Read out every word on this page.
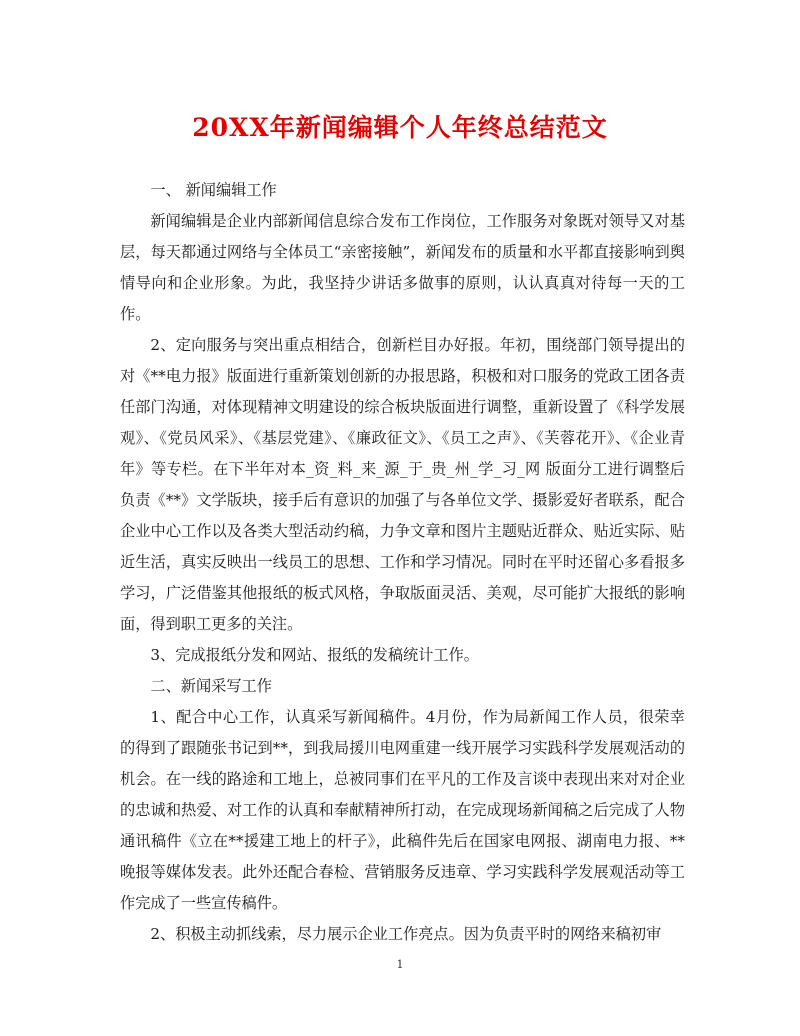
20XX年新闻编辑个人年终总结范文

一、 新闻编辑工作

新闻编辑是企业内部新闻信息综合发布工作岗位，工作服务对象既对领导又对基层，每天都通过网络与全体员工“亲密接触”，新闻发布的质量和水平都直接影响到舆情导向和企业形象。为此，我坚持少讲话多做事的原则，认认真真对待每一天的工作。

2、定向服务与突出重点相结合，创新栏目办好报。年初，围绕部门领导提出的对《**电力报》版面进行重新策划创新的办报思路，积极和对口服务的党政工团各责任部门沟通，对体现精神文明建设的综合板块版面进行调整，重新设置了《科学发展观》、《党员风采》、《基层党建》、《廉政征文》、《员工之声》、《芙蓉花开》、《企业青年》等专栏。在下半年对本_资_料_来_源_于_贵_州_学_习_网 版面分工进行调整后负责《**》文学版块，接手后有意识的加强了与各单位文学、摄影爱好者联系，配合企业中心工作以及各类大型活动约稿，力争文章和图片主题贴近群众、贴近实际、贴近生活，真实反映出一线员工的思想、工作和学习情况。同时在平时还留心多看报多学习，广泛借鉴其他报纸的板式风格，争取版面灵活、美观，尽可能扩大报纸的影响面，得到职工更多的关注。

3、完成报纸分发和网站、报纸的发稿统计工作。

二、新闻采写工作

1、配合中心工作，认真采写新闻稿件。4月份，作为局新闻工作人员，很荣幸的得到了跟随张书记到**，到我局援川电网重建一线开展学习实践科学发展观活动的机会。在一线的路途和工地上，总被同事们在平凡的工作及言谈中表现出来对对企业的忠诚和热爱、对工作的认真和奉献精神所打动，在完成现场新闻稿之后完成了人物通讯稿件《立在**援建工地上的杆子》，此稿件先后在国家电网报、湖南电力报、**晚报等媒体发表。此外还配合春检、营销服务反违章、学习实践科学发展观活动等工作完成了一些宣传稿件。

2、积极主动抓线索，尽力展示企业工作亮点。因为负责平时的网络来稿初审

1
